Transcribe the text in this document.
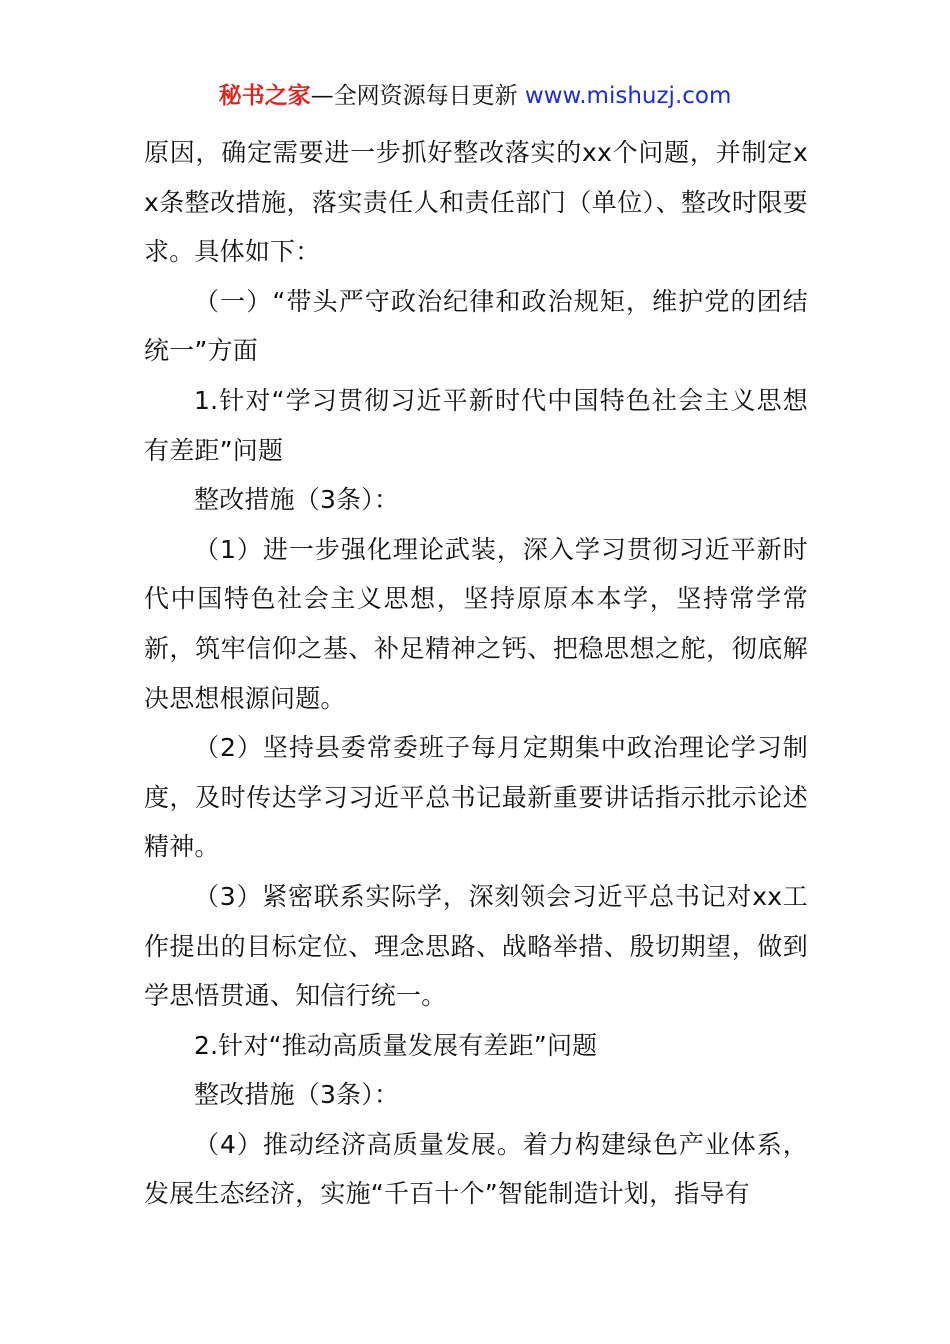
秘书之家—全网资源每日更新 www.mishuzj.com

原因，确定需要进一步抓好整改落实的xx个问题，并制定xx条整改措施，落实责任人和责任部门（单位）、整改时限要求。具体如下：

（一）“带头严守政治纪律和政治规矩，维护党的团结统一”方面

1.针对“学习贯彻习近平新时代中国特色社会主义思想有差距”问题

整改措施（3条）：

（1）进一步强化理论武装，深入学习贯彻习近平新时代中国特色社会主义思想，坚持原原本本学，坚持常学常新，筑牢信仰之基、补足精神之钙、把稳思想之舵，彻底解决思想根源问题。

（2）坚持县委常委班子每月定期集中政治理论学习制度，及时传达学习习近平总书记最新重要讲话指示批示论述精神。

（3）紧密联系实际学，深刻领会习近平总书记对xx工作提出的目标定位、理念思路、战略举措、殷切期望，做到学思悟贯通、知信行统一。

2.针对“推动高质量发展有差距”问题

整改措施（3条）：

（4）推动经济高质量发展。着力构建绿色产业体系，发展生态经济，实施“千百十个”智能制造计划，指导有
